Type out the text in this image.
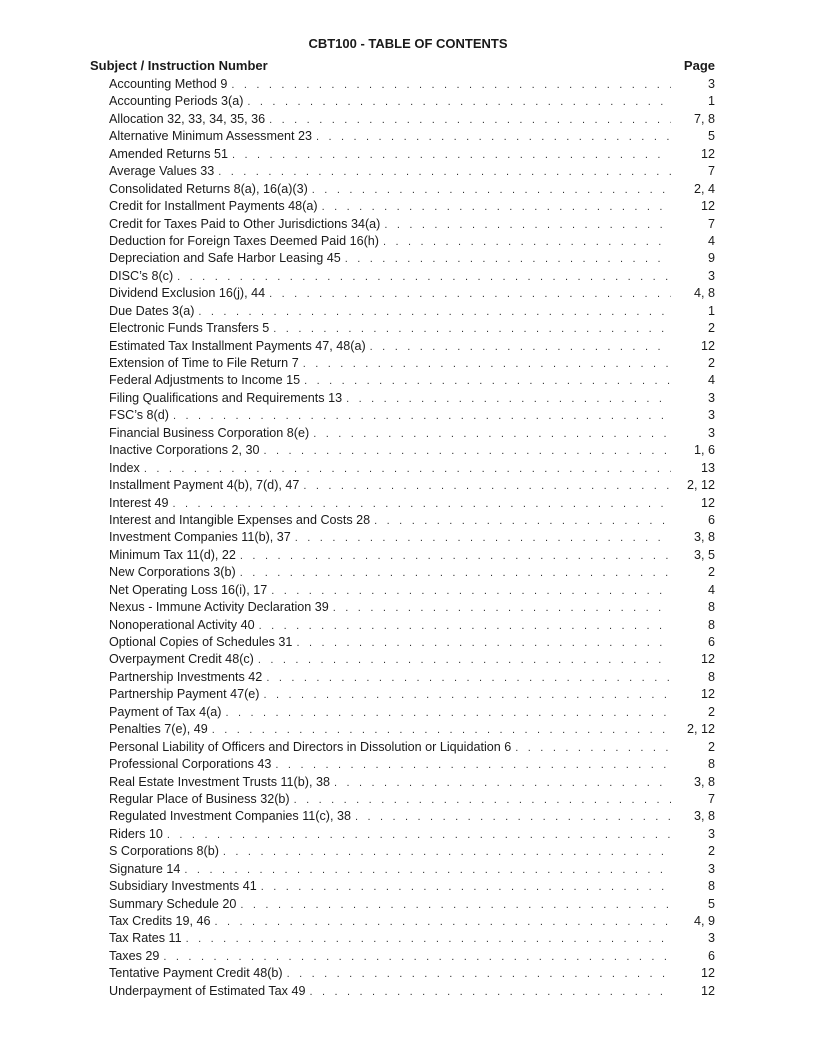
CBT100 - TABLE OF CONTENTS
Subject / Instruction Number	Page
Accounting Method 9 . . .	3
Accounting Periods 3(a) . . .	1
Allocation 32, 33, 34, 35, 36 . . .	7, 8
Alternative Minimum Assessment 23 . . .	5
Amended Returns 51 . . .	12
Average Values 33 . . .	7
Consolidated Returns 8(a), 16(a)(3) . . .	2, 4
Credit for Installment Payments 48(a) . . .	12
Credit for Taxes Paid to Other Jurisdictions 34(a) . . .	7
Deduction for Foreign Taxes Deemed Paid 16(h) . . .	4
Depreciation and Safe Harbor Leasing 45 . . .	9
DISC’s 8(c) . . .	3
Dividend Exclusion 16(j), 44 . . .	4, 8
Due Dates 3(a) . . .	1
Electronic Funds Transfers 5 . . .	2
Estimated Tax Installment Payments 47, 48(a) . . .	12
Extension of Time to File Return 7 . . .	2
Federal Adjustments to Income 15 . . .	4
Filing Qualifications and Requirements 13 . . .	3
FSC’s 8(d) . . .	3
Financial Business Corporation 8(e) . . .	3
Inactive Corporations 2, 30 . . .	1, 6
Index . . .	13
Installment Payment 4(b), 7(d), 47 . . .	2, 12
Interest 49 . . .	12
Interest and Intangible Expenses and Costs 28 . . .	6
Investment Companies 11(b), 37 . . .	3, 8
Minimum Tax 11(d), 22 . . .	3, 5
New Corporations 3(b) . . .	2
Net Operating Loss 16(i), 17 . . .	4
Nexus - Immune Activity Declaration 39 . . .	8
Nonoperational Activity 40 . . .	8
Optional Copies of Schedules 31 . . .	6
Overpayment Credit 48(c) . . .	12
Partnership Investments 42 . . .	8
Partnership Payment 47(e) . . .	12
Payment of Tax 4(a) . . .	2
Penalties 7(e), 49 . . .	2, 12
Personal Liability of Officers and Directors in Dissolution or Liquidation 6 . . .	2
Professional Corporations 43 . . .	8
Real Estate Investment Trusts 11(b), 38 . . .	3, 8
Regular Place of Business 32(b) . . .	7
Regulated Investment Companies 11(c), 38 . . .	3, 8
Riders 10 . . .	3
S Corporations 8(b) . . .	2
Signature 14 . . .	3
Subsidiary Investments 41 . . .	8
Summary Schedule 20 . . .	5
Tax Credits 19, 46 . . .	4, 9
Tax Rates 11 . . .	3
Taxes 29 . . .	6
Tentative Payment Credit 48(b) . . .	12
Underpayment of Estimated Tax 49 . . .	12
